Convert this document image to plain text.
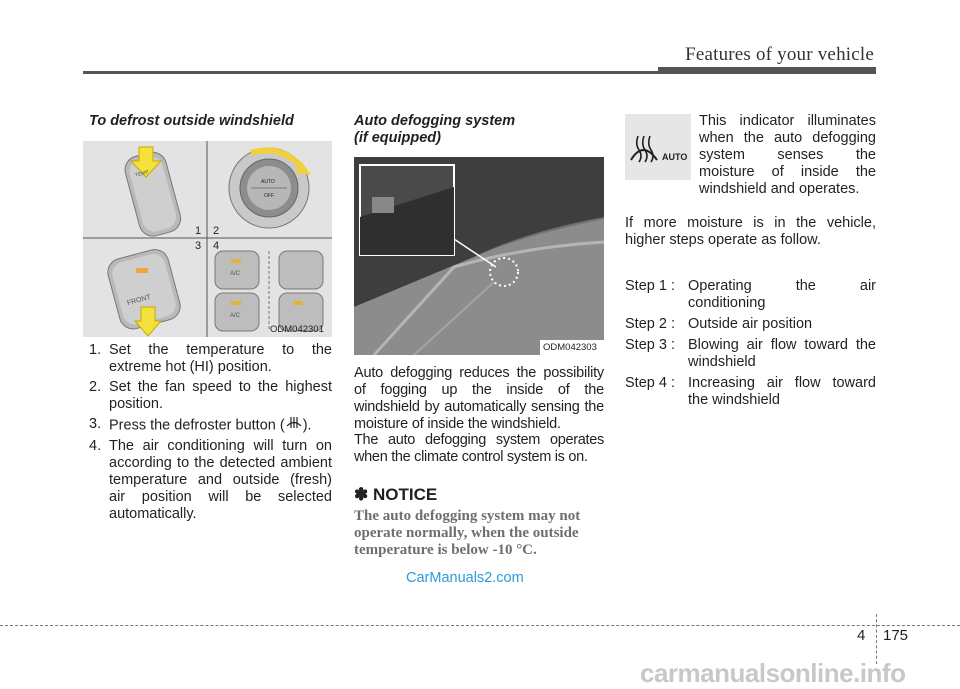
Features of your vehicle
To defrost outside windshield
TEMP
AUTO
OFF
FRONT
A/C
A/C
1 2
3 4
ODM042301
1. Set the temperature to the extreme hot (HI) position.
2. Set the fan speed to the highest position.
3. Press the defroster button ( ).
4. The air conditioning will turn on according to the detected ambient temperature and outside (fresh) air position will be selected automatically.
Auto defogging system
(if equipped)
ODM042303
Auto defogging reduces the possibility of fogging up the inside of the windshield by automatically sensing the moisture of inside the windshield.
The auto defogging system operates when the climate control system is on.
✽ NOTICE
The auto defogging system may not operate normally, when the outside temperature is below -10 °C.
AUTO
This indicator illuminates when the auto defogging system senses the moisture of inside the windshield and operates.
If more moisture is in the vehicle, higher steps operate as follow.
Step 1 : Operating the air conditioning
Step 2 : Outside air position
Step 3 : Blowing air flow toward the windshield
Step 4 : Increasing air flow toward the windshield
CarManuals2.com
4 175
carmanualsonline.info
